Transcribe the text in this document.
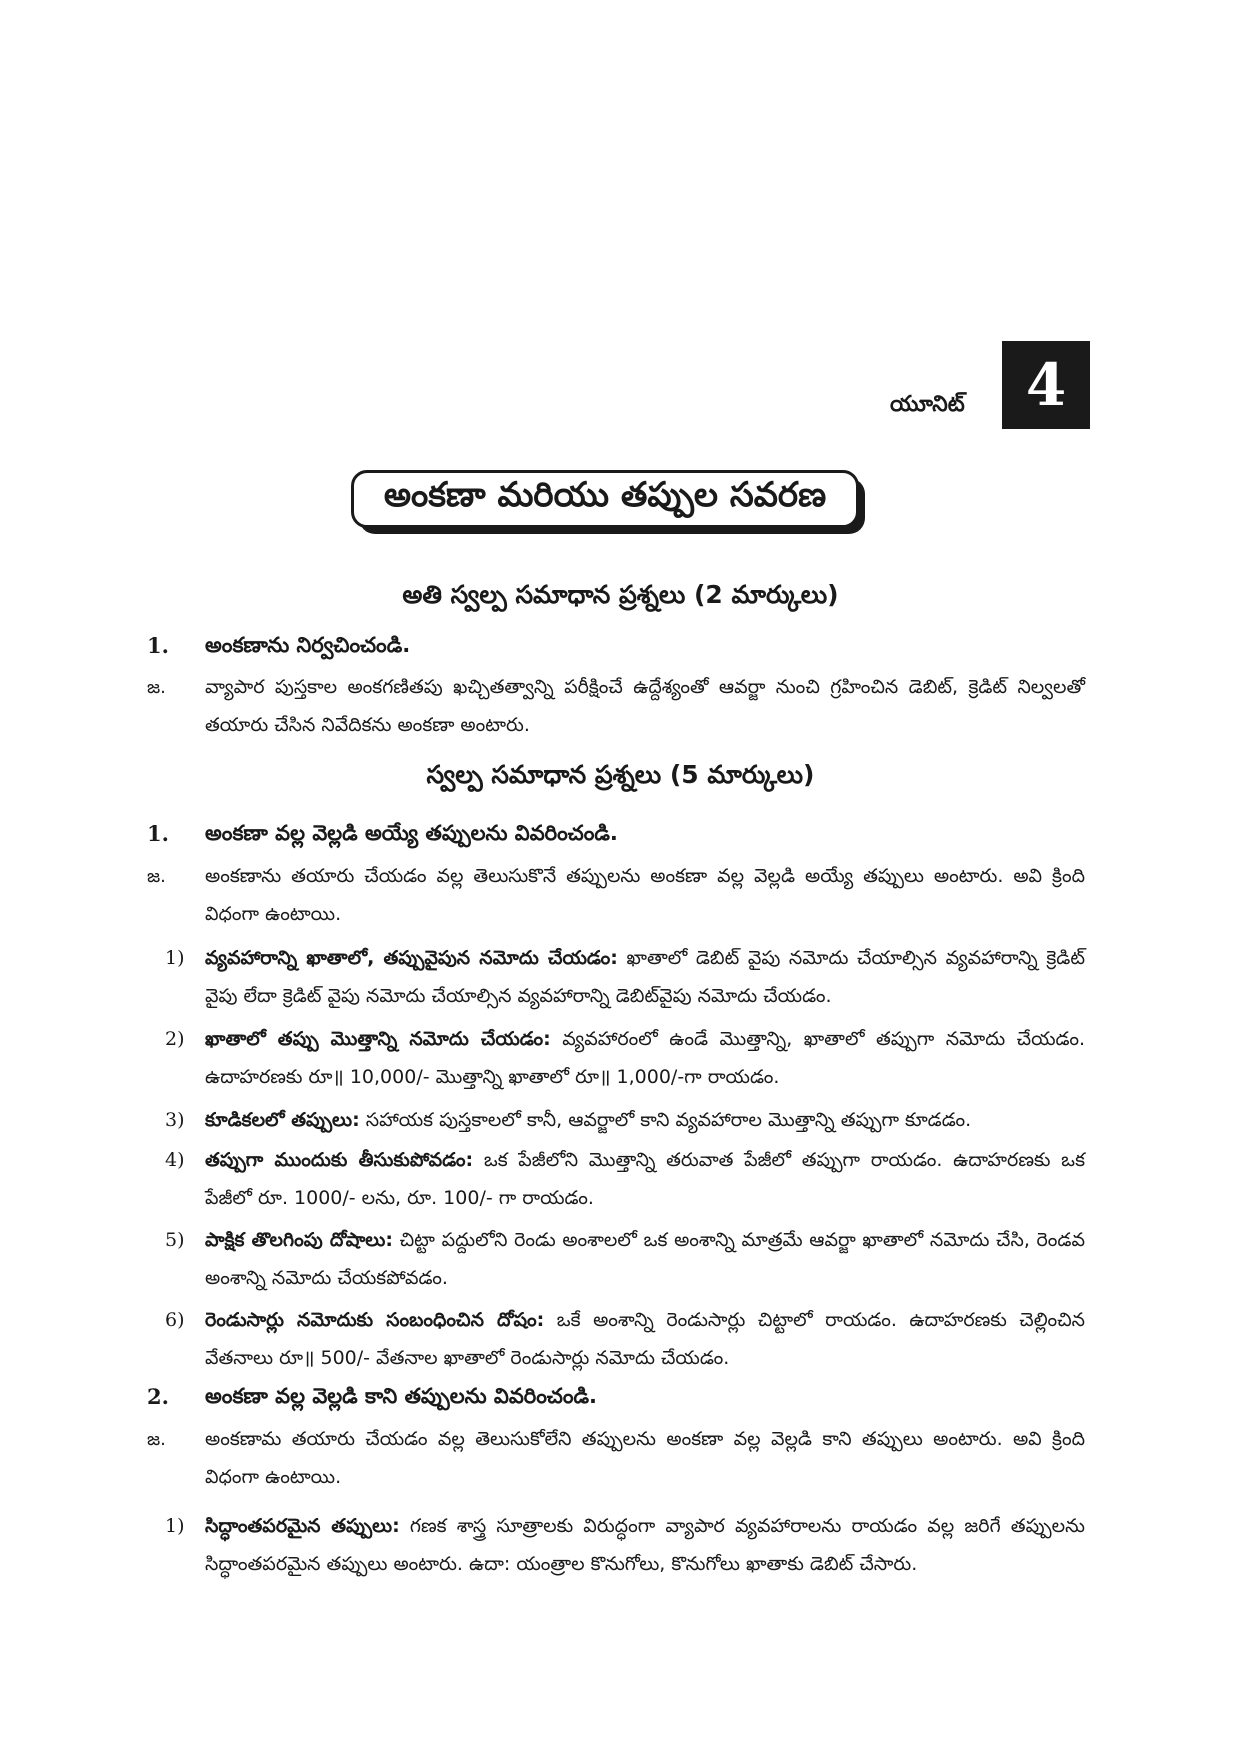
యూనిట్	4
అంకణా మరియు తప్పుల సవరణ
అతి స్వల్ప సమాధాన ప్రశ్నలు (2 మార్కులు)
1. అంకణాను నిర్వచించండి.
జ. వ్యాపార పుస్తకాల అంకగణితపు ఖచ్చితత్వాన్ని పరీక్షించే ఉద్దేశ్యంతో ఆవర్జా నుంచి గ్రహించిన డెబిట్, క్రెడిట్ నిల్వలతో తయారు చేసిన నివేదికను అంకణా అంటారు.
స్వల్ప సమాధాన ప్రశ్నలు (5 మార్కులు)
1. అంకణా వల్ల వెల్లడి అయ్యే తప్పులను వివరించండి.
జ. అంకణాను తయారు చేయడం వల్ల తెలుసుకొనే తప్పులను అంకణా వల్ల వెల్లడి అయ్యే తప్పులు అంటారు. అవి క్రింది విధంగా ఉంటాయి.
1) వ్యవహారాన్ని ఖాతాలో, తప్పువైపున నమోదు చేయడం: ఖాతాలో డెబిట్ వైపు నమోదు చేయాల్సిన వ్యవహారాన్ని క్రెడిట్ వైపు లేదా క్రెడిట్ వైపు నమోదు చేయాల్సిన వ్యవహారాన్ని డెబిట్‌వైపు నమోదు చేయడం.
2) ఖాతాలో తప్పు మొత్తాన్ని నమోదు చేయడం: వ్యవహారంలో ఉండే మొత్తాన్ని, ఖాతాలో తప్పుగా నమోదు చేయడం. ఉదాహరణకు రూ॥ 10,000/- మొత్తాన్ని ఖాతాలో రూ॥ 1,000/-గా రాయడం.
3) కూడికలలో తప్పులు: సహాయక పుస్తకాలలో కానీ, ఆవర్జాలో కాని వ్యవహారాల మొత్తాన్ని తప్పుగా కూడడం.
4) తప్పుగా ముందుకు తీసుకుపోవడం: ఒక పేజీలోని మొత్తాన్ని తరువాత పేజీలో తప్పుగా రాయడం. ఉదాహరణకు ఒక పేజీలో రూ. 1000/- లను, రూ. 100/- గా రాయడం.
5) పాక్షిక తొలగింపు దోషాలు: చిట్టా పద్దులోని రెండు అంశాలలో ఒక అంశాన్ని మాత్రమే ఆవర్జా ఖాతాలో నమోదు చేసి, రెండవ అంశాన్ని నమోదు చేయకపోవడం.
6) రెండుసార్లు నమోదుకు సంబంధించిన దోషం: ఒకే అంశాన్ని రెండుసార్లు చిట్టాలో రాయడం. ఉదాహరణకు చెల్లించిన వేతనాలు రూ॥ 500/- వేతనాల ఖాతాలో రెండుసార్లు నమోదు చేయడం.
2. అంకణా వల్ల వెల్లడి కాని తప్పులను వివరించండి.
జ. అంకణామ తయారు చేయడం వల్ల తెలుసుకోలేని తప్పులను అంకణా వల్ల వెల్లడి కాని తప్పులు అంటారు. అవి క్రింది విధంగా ఉంటాయి.
1) సిద్ధాంతపరమైన తప్పులు: గణక శాస్త్ర సూత్రాలకు విరుద్ధంగా వ్యాపార వ్యవహారాలను రాయడం వల్ల జరిగే తప్పులను సిద్ధాంతపరమైన తప్పులు అంటారు. ఉదా: యంత్రాల కొనుగోలు, కొనుగోలు ఖాతాకు డెబిట్ చేసారు.
